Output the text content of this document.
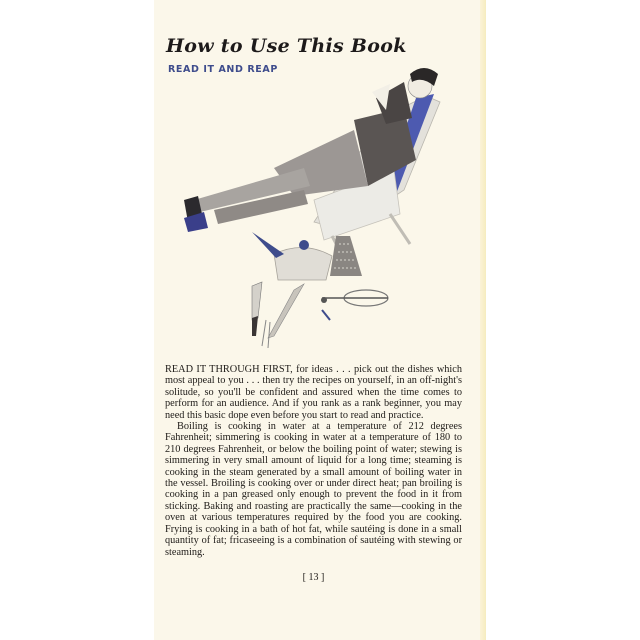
How to Use This Book
READ IT AND REAP

READ IT THROUGH FIRST, for ideas . . . pick out the dishes which most appeal to you . . . then try the recipes on yourself, in an off-night's solitude, so you'll be confident and assured when the time comes to perform for an audience. And if you rank as a rank beginner, you may need this basic dope even before you start to read and practice.

Boiling is cooking in water at a temperature of 212 degrees Fahrenheit; simmering is cooking in water at a temperature of 180 to 210 degrees Fahrenheit, or below the boiling point of water; stewing is simmering in very small amount of liquid for a long time; steaming is cooking in the steam generated by a small amount of boiling water in the vessel. Broiling is cooking over or under direct heat; pan broiling is cooking in a pan greased only enough to prevent the food in it from sticking. Baking and roasting are practically the same—cooking in the oven at various temperatures required by the food you are cooking. Frying is cooking in a bath of hot fat, while sautéing is done in a small quantity of fat; fricaseeing is a combination of sautéing with stewing or steaming.

[ 13 ]
